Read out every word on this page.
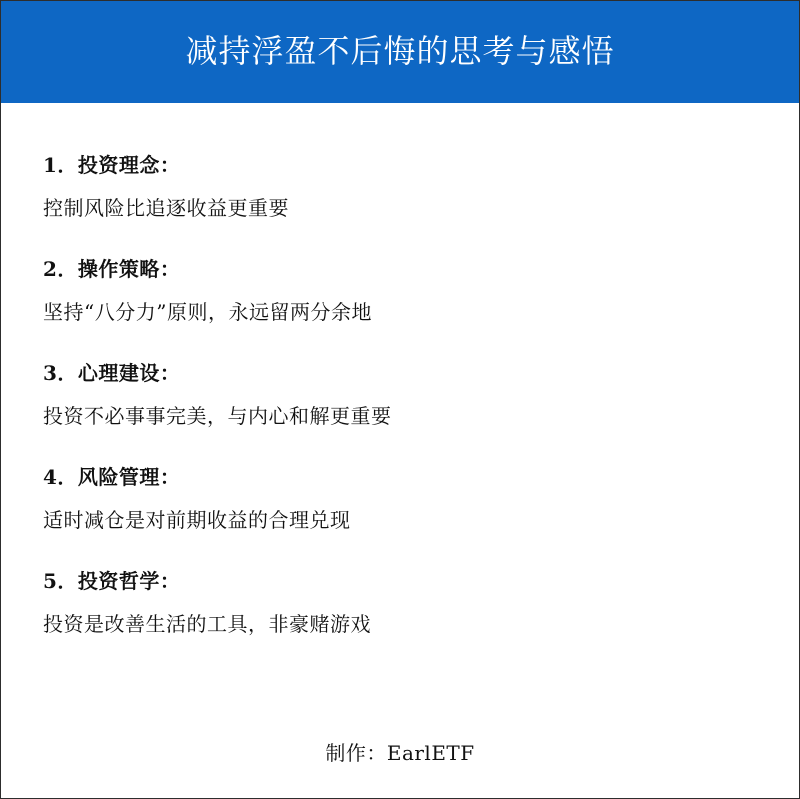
减持浮盈不后悔的思考与感悟
1．投资理念：
控制风险比追逐收益更重要
2．操作策略：
坚持“八分力”原则，永远留两分余地
3．心理建设：
投资不必事事完美，与内心和解更重要
4．风险管理：
适时减仓是对前期收益的合理兑现
5．投资哲学：
投资是改善生活的工具，非豪赌游戏
制作：EarlETF
